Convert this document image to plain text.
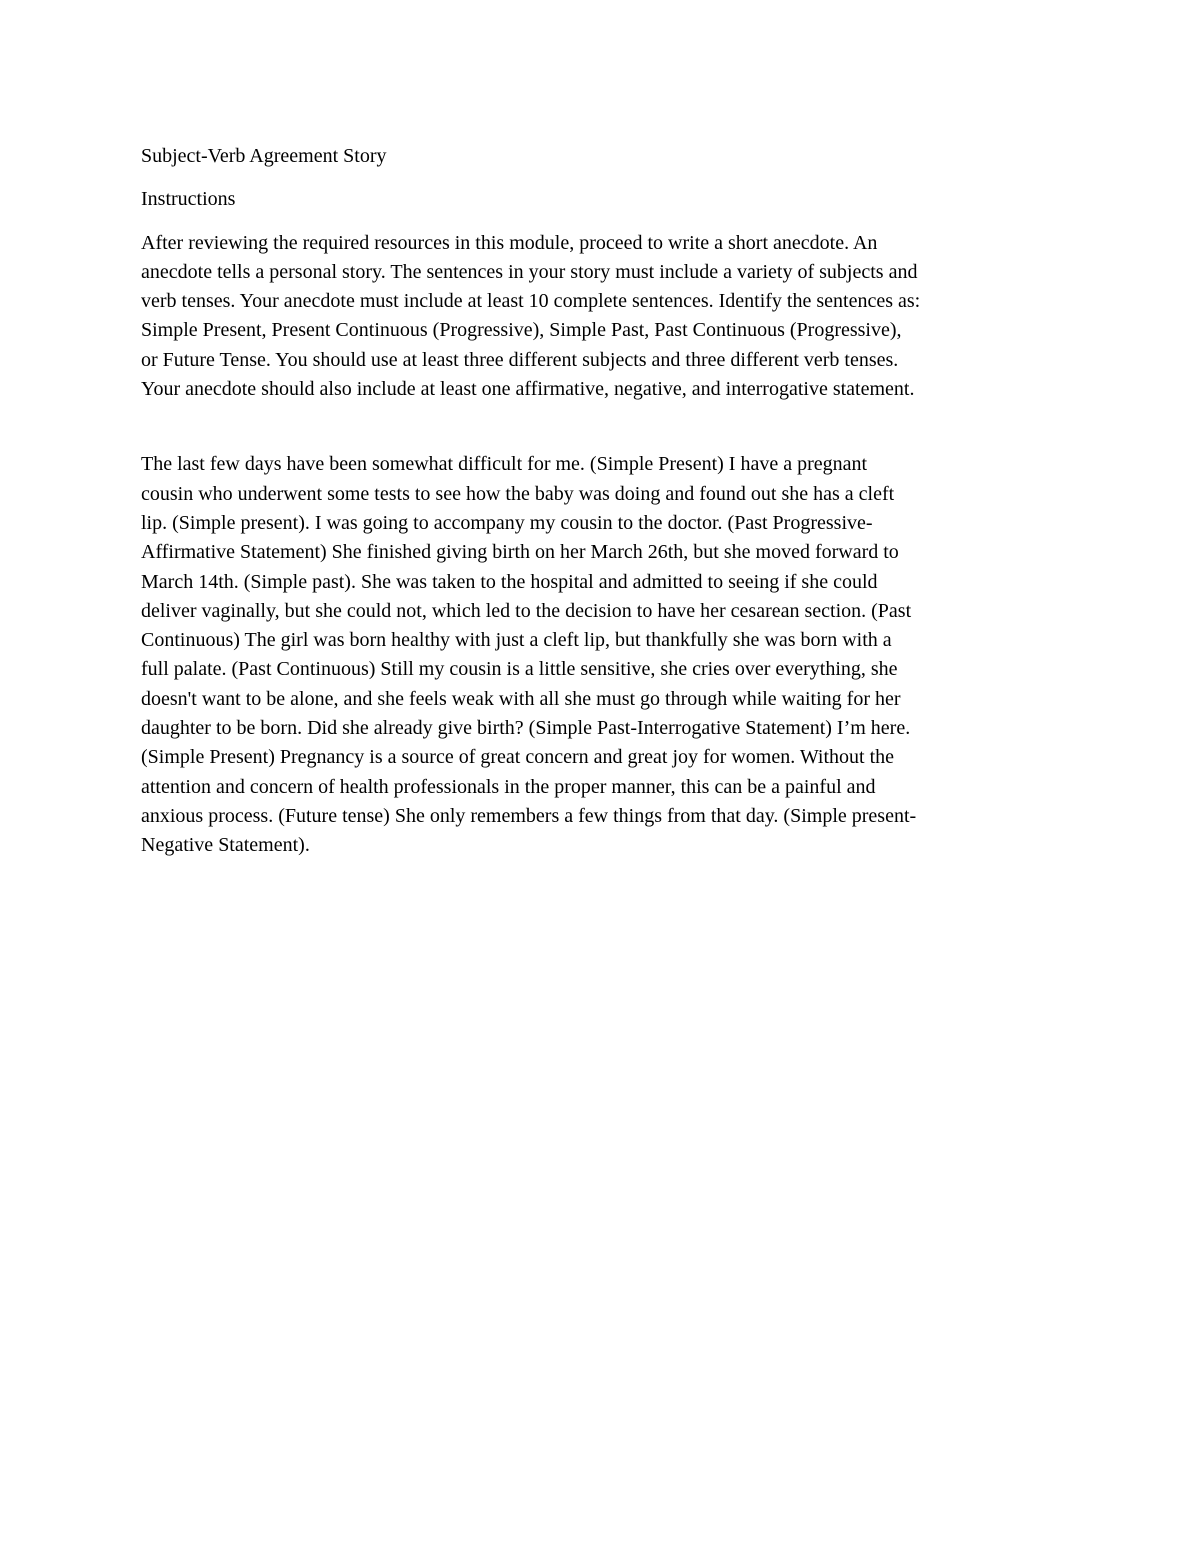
Subject-Verb Agreement Story
Instructions
After reviewing the required resources in this module, proceed to write a short anecdote. An
anecdote tells a personal story. The sentences in your story must include a variety of subjects and
verb tenses. Your anecdote must include at least 10 complete sentences. Identify the sentences as:
Simple Present, Present Continuous (Progressive), Simple Past, Past Continuous (Progressive),
or Future Tense. You should use at least three different subjects and three different verb tenses.
Your anecdote should also include at least one affirmative, negative, and interrogative statement.
The last few days have been somewhat difficult for me. (Simple Present) I have a pregnant
cousin who underwent some tests to see how the baby was doing and found out she has a cleft
lip. (Simple present). I was going to accompany my cousin to the doctor. (Past Progressive-
Affirmative Statement) She finished giving birth on her March 26th, but she moved forward to
March 14th. (Simple past). She was taken to the hospital and admitted to seeing if she could
deliver vaginally, but she could not, which led to the decision to have her cesarean section. (Past
Continuous) The girl was born healthy with just a cleft lip, but thankfully she was born with a
full palate. (Past Continuous) Still my cousin is a little sensitive, she cries over everything, she
doesn't want to be alone, and she feels weak with all she must go through while waiting for her
daughter to be born. Did she already give birth? (Simple Past-Interrogative Statement) I’m here.
(Simple Present) Pregnancy is a source of great concern and great joy for women. Without the
attention and concern of health professionals in the proper manner, this can be a painful and
anxious process. (Future tense) She only remembers a few things from that day. (Simple present-
Negative Statement).
